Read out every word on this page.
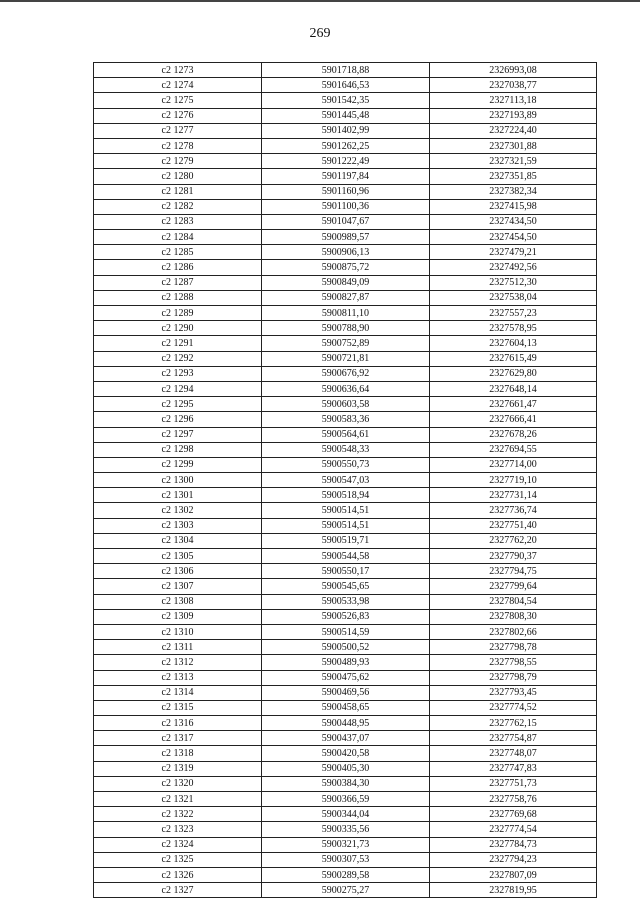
269
с2 1273	5901718,88	2326993,08
с2 1274	5901646,53	2327038,77
с2 1275	5901542,35	2327113,18
с2 1276	5901445,48	2327193,89
с2 1277	5901402,99	2327224,40
с2 1278	5901262,25	2327301,88
с2 1279	5901222,49	2327321,59
с2 1280	5901197,84	2327351,85
с2 1281	5901160,96	2327382,34
с2 1282	5901100,36	2327415,98
с2 1283	5901047,67	2327434,50
с2 1284	5900989,57	2327454,50
с2 1285	5900906,13	2327479,21
с2 1286	5900875,72	2327492,56
с2 1287	5900849,09	2327512,30
с2 1288	5900827,87	2327538,04
с2 1289	5900811,10	2327557,23
с2 1290	5900788,90	2327578,95
с2 1291	5900752,89	2327604,13
с2 1292	5900721,81	2327615,49
с2 1293	5900676,92	2327629,80
с2 1294	5900636,64	2327648,14
с2 1295	5900603,58	2327661,47
с2 1296	5900583,36	2327666,41
с2 1297	5900564,61	2327678,26
с2 1298	5900548,33	2327694,55
с2 1299	5900550,73	2327714,00
с2 1300	5900547,03	2327719,10
с2 1301	5900518,94	2327731,14
с2 1302	5900514,51	2327736,74
с2 1303	5900514,51	2327751,40
с2 1304	5900519,71	2327762,20
с2 1305	5900544,58	2327790,37
с2 1306	5900550,17	2327794,75
с2 1307	5900545,65	2327799,64
с2 1308	5900533,98	2327804,54
с2 1309	5900526,83	2327808,30
с2 1310	5900514,59	2327802,66
с2 1311	5900500,52	2327798,78
с2 1312	5900489,93	2327798,55
с2 1313	5900475,62	2327798,79
с2 1314	5900469,56	2327793,45
с2 1315	5900458,65	2327774,52
с2 1316	5900448,95	2327762,15
с2 1317	5900437,07	2327754,87
с2 1318	5900420,58	2327748,07
с2 1319	5900405,30	2327747,83
с2 1320	5900384,30	2327751,73
с2 1321	5900366,59	2327758,76
с2 1322	5900344,04	2327769,68
с2 1323	5900335,56	2327774,54
с2 1324	5900321,73	2327784,73
с2 1325	5900307,53	2327794,23
с2 1326	5900289,58	2327807,09
с2 1327	5900275,27	2327819,95
